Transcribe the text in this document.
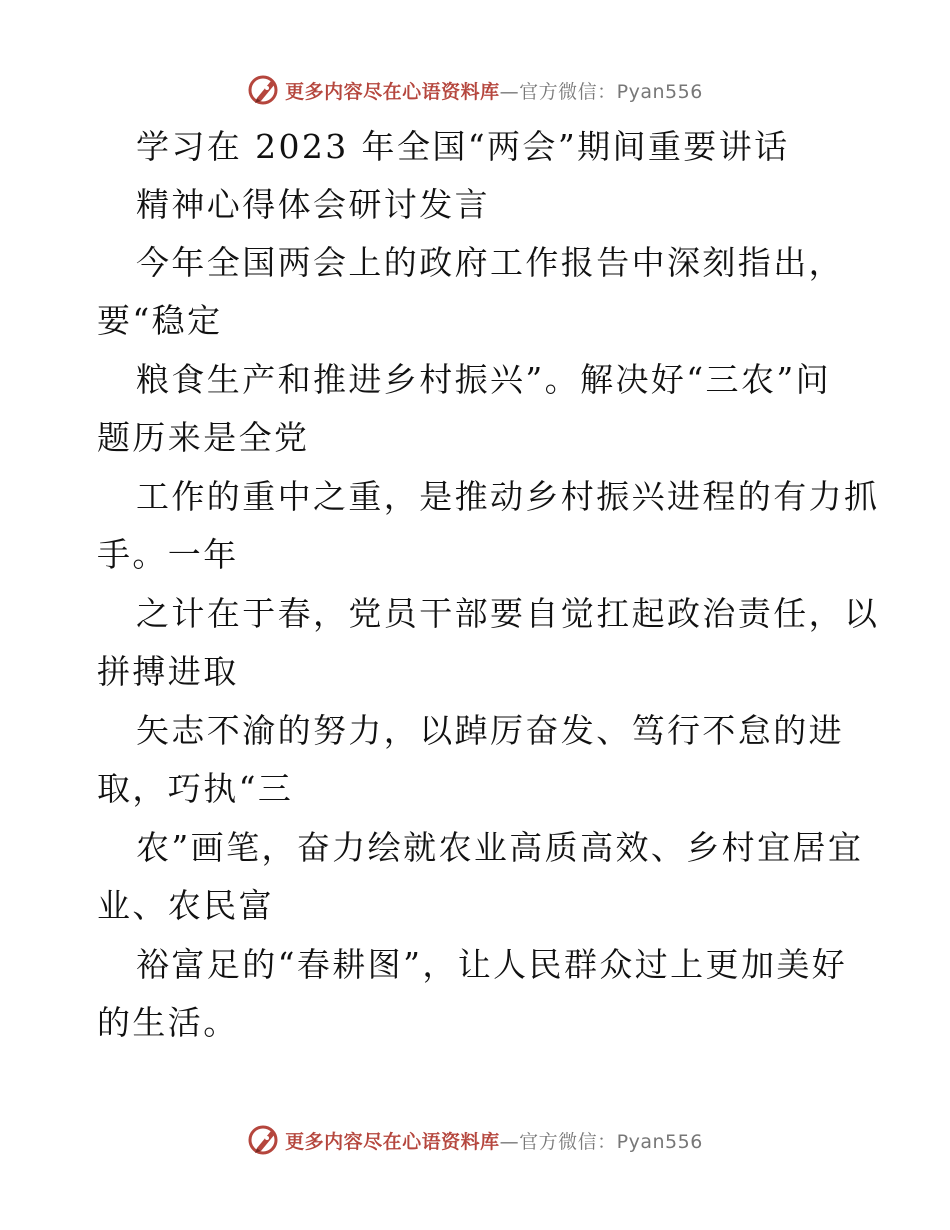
更多内容尽在心语资料库—官方微信：Pyan556
学习在 2023 年全国“两会”期间重要讲话
精神心得体会研讨发言
今年全国两会上的政府工作报告中深刻指出，
要“稳定
粮食生产和推进乡村振兴”。解决好“三农”问
题历来是全党
工作的重中之重，是推动乡村振兴进程的有力抓
手。一年
之计在于春，党员干部要自觉扛起政治责任，以
拼搏进取
矢志不渝的努力，以踔厉奋发、笃行不怠的进
取，巧执“三
农”画笔，奋力绘就农业高质高效、乡村宜居宜
业、农民富
裕富足的“春耕图”，让人民群众过上更加美好
的生活。
更多内容尽在心语资料库—官方微信：Pyan556
